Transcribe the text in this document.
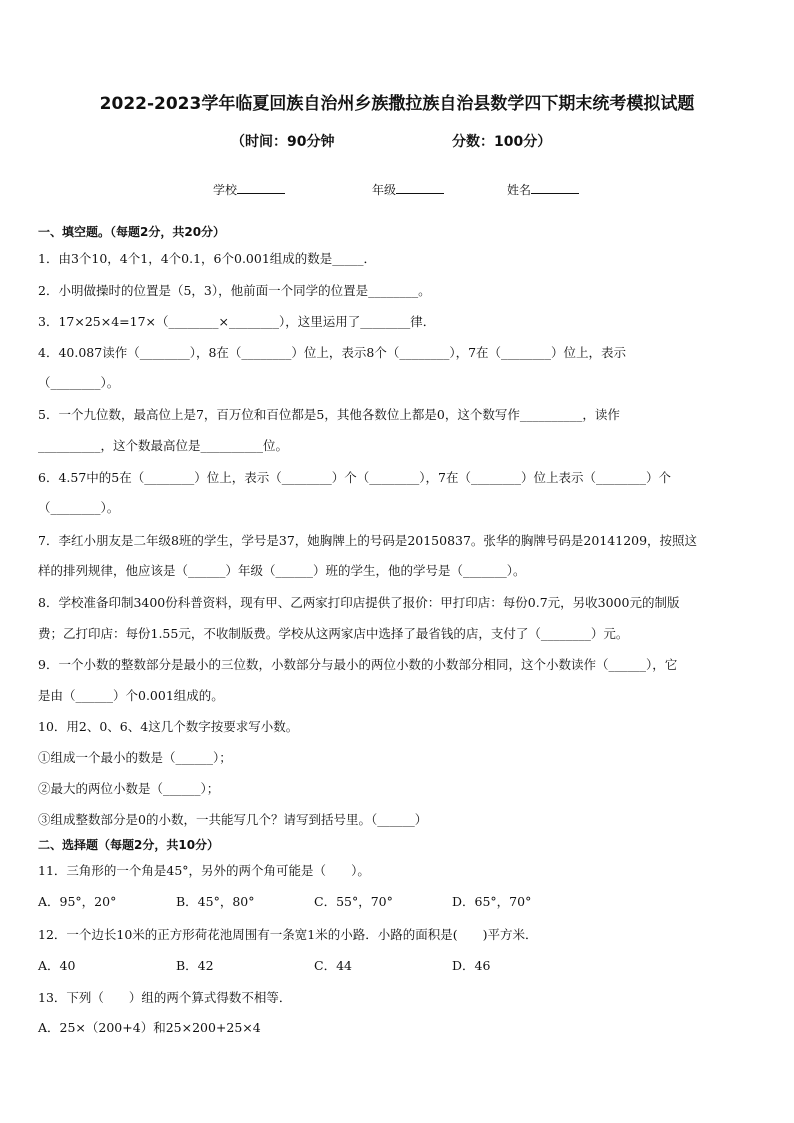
2022-2023学年临夏回族自治州乡族撒拉族自治县数学四下期末统考模拟试题
（时间：90分钟	分数：100分）
学校	年级	姓名
一、填空题。（每题2分，共20分）
1．由3个10，4个1，4个0.1，6个0.001组成的数是_____．
2．小明做操时的位置是（5，3），他前面一个同学的位置是________。
3．17×25×4=17×（________×________），这里运用了________律．
4．40.087读作（________），8在（________）位上，表示8个（________），7在（________）位上，表示
（________）。
5．一个九位数，最高位上是7，百万位和百位都是5，其他各数位上都是0，这个数写作__________，读作
__________，这个数最高位是__________位。
6．4.57中的5在（________）位上，表示（________）个（________），7在（________）位上表示（________）个
（________）。
7．李红小朋友是二年级8班的学生，学号是37，她胸牌上的号码是20150837。张华的胸牌号码是20141209，按照这
样的排列规律，他应该是（______）年级（______）班的学生，他的学号是（_______）。
8．学校准备印制3400份科普资料，现有甲、乙两家打印店提供了报价：甲打印店：每份0.7元，另收3000元的制版
费；乙打印店：每份1.55元，不收制版费。学校从这两家店中选择了最省钱的店，支付了（________）元。
9．一个小数的整数部分是最小的三位数，小数部分与最小的两位小数的小数部分相同，这个小数读作（______），它
是由（______）个0.001组成的。
10．用2、0、6、4这几个数字按要求写小数。
①组成一个最小的数是（______）；
②最大的两位小数是（______）；
③组成整数部分是0的小数，一共能写几个？请写到括号里。（______）
二、选择题（每题2分，共10分）
11．三角形的一个角是45°，另外的两个角可能是（　　）。
A．95°，20°	B．45°，80°	C．55°，70°	D．65°，70°
12．一个边长10米的正方形荷花池周围有一条宽1米的小路．小路的面积是(　　)平方米．
A．40	B．42	C．44	D．46
13．下列（　　）组的两个算式得数不相等．
A．25×（200+4）和25×200+25×4
